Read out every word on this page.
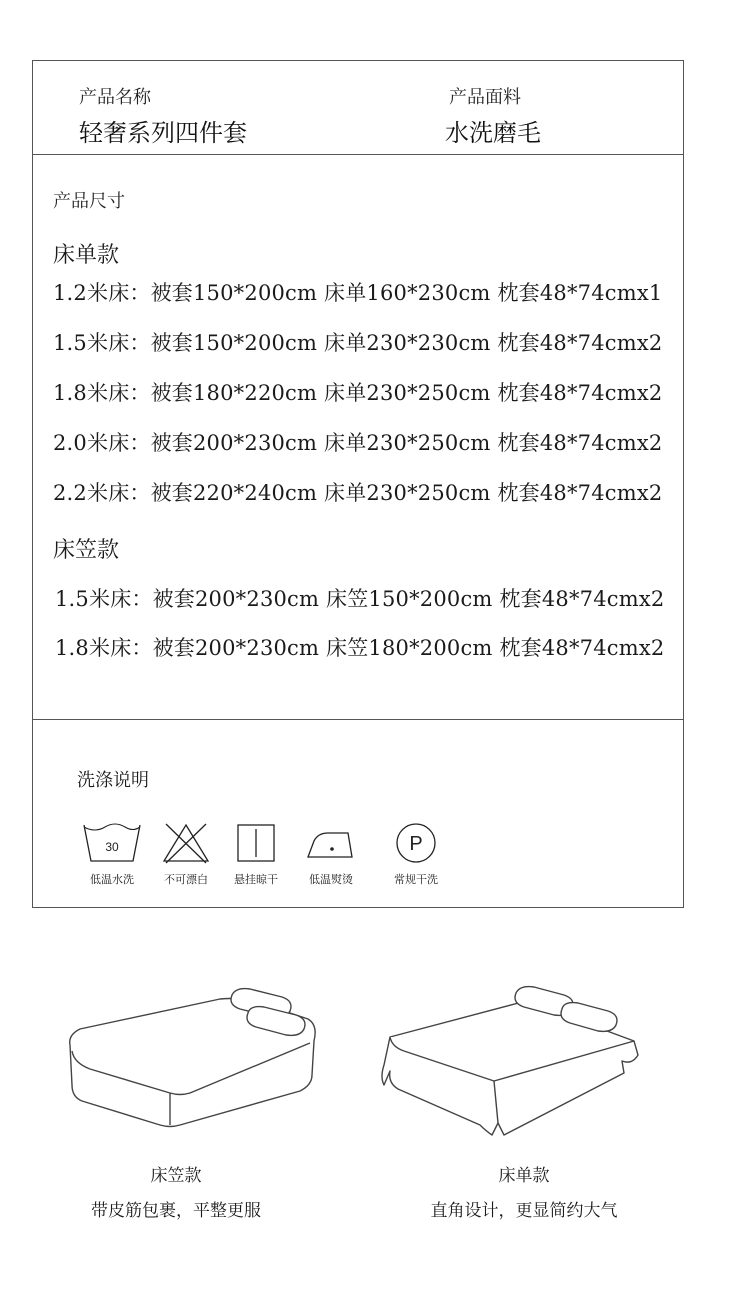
产品名称
轻奢系列四件套
产品面料
水洗磨毛
产品尺寸
床单款
1.2米床：被套150*200cm 床单160*230cm 枕套48*74cmx1
1.5米床：被套150*200cm 床单230*230cm 枕套48*74cmx2
1.8米床：被套180*220cm 床单230*250cm 枕套48*74cmx2
2.0米床：被套200*230cm 床单230*250cm 枕套48*74cmx2
2.2米床：被套220*240cm 床单230*250cm 枕套48*74cmx2
床笠款
1.5米床：被套200*230cm 床笠150*200cm 枕套48*74cmx2
1.8米床：被套200*230cm 床笠180*200cm 枕套48*74cmx2
洗涤说明
30
低温水洗	不可漂白	悬挂晾干	低温熨烫
P
常规干洗
床笠款
带皮筋包裹，平整更服
床单款
直角设计，更显简约大气
